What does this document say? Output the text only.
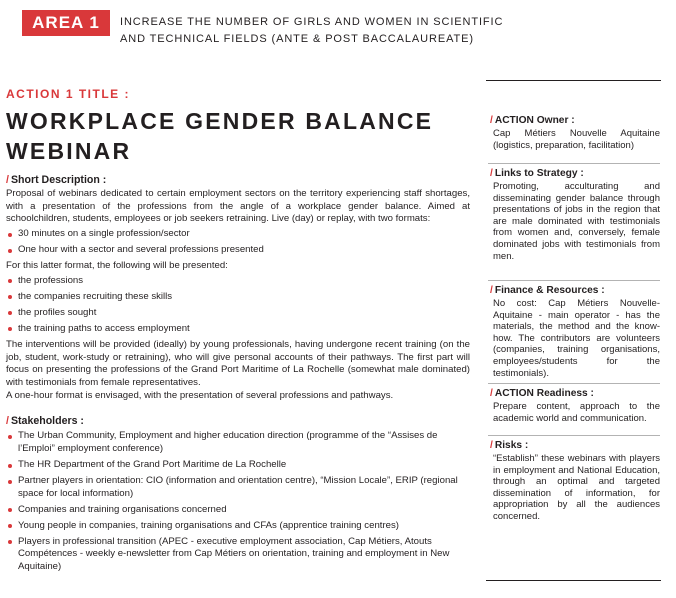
AREA 1	INCREASE THE NUMBER OF GIRLS AND WOMEN IN SCIENTIFIC AND TECHNICAL FIELDS (ANTE & POST BACCALAUREATE)
ACTION 1 TITLE :
WORKPLACE GENDER BALANCE WEBINAR
/ Short Description :

Proposal of webinars dedicated to certain employment sectors on the territory experiencing staff shortages, with a presentation of the professions from the angle of a workplace gender balance. Aimed at schoolchildren, students, employees or job seekers retraining. Live (day) or replay, with two formats:

30 minutes on a single profession/sector
One hour with a sector and several professions presented

For this latter format, the following will be presented:

the professions
the companies recruiting these skills
the profiles sought
the training paths to access employment

The interventions will be provided (ideally) by young professionals, having undergone recent training (on the job, student, work-study or retraining), who will give personal accounts of their pathways. The first part will focus on presenting the professions of the Grand Port Maritime of La Rochelle (somewhat male dominated) with testimonials from female representatives.

A one-hour format is envisaged, with the presentation of several professions and pathways.

/ Stakeholders :
The Urban Community, Employment and higher education direction (programme of the “Assises de l’Emploi” employment conference)
The HR Department of the Grand Port Maritime de La Rochelle
Partner players in orientation: CIO (information and orientation centre), “Mission Locale”, ERIP (regional space for local information)
Companies and training organisations concerned
Young people in companies, training organisations and CFAs (apprentice training centres)
Players in professional transition (APEC - executive employment association, Cap Métiers, Atouts Compétences - weekly e-newsletter from Cap Métiers on orientation, training and employment in New Aquitaine)
/ ACTION Owner :
Cap Métiers Nouvelle Aquitaine (logistics, preparation, facilitation)
/ Links to Strategy :
Promoting, acculturating and disseminating gender balance through presentations of jobs in the region that are male dominated with testimonials from women and, conversely, female dominated jobs with testimonials from men.
/ Finance & Resources :
No cost: Cap Métiers Nouvelle-Aquitaine - main operator - has the materials, the method and the know-how. The contributors are volunteers (companies, training organisations, employees/students for the testimonials).
/ ACTION Readiness :
Prepare content, approach to the academic world and communication.
/ Risks :
“Establish” these webinars with players in employment and National Education, through an optimal and targeted dissemination of information, for appropriation by all the audiences concerned.
